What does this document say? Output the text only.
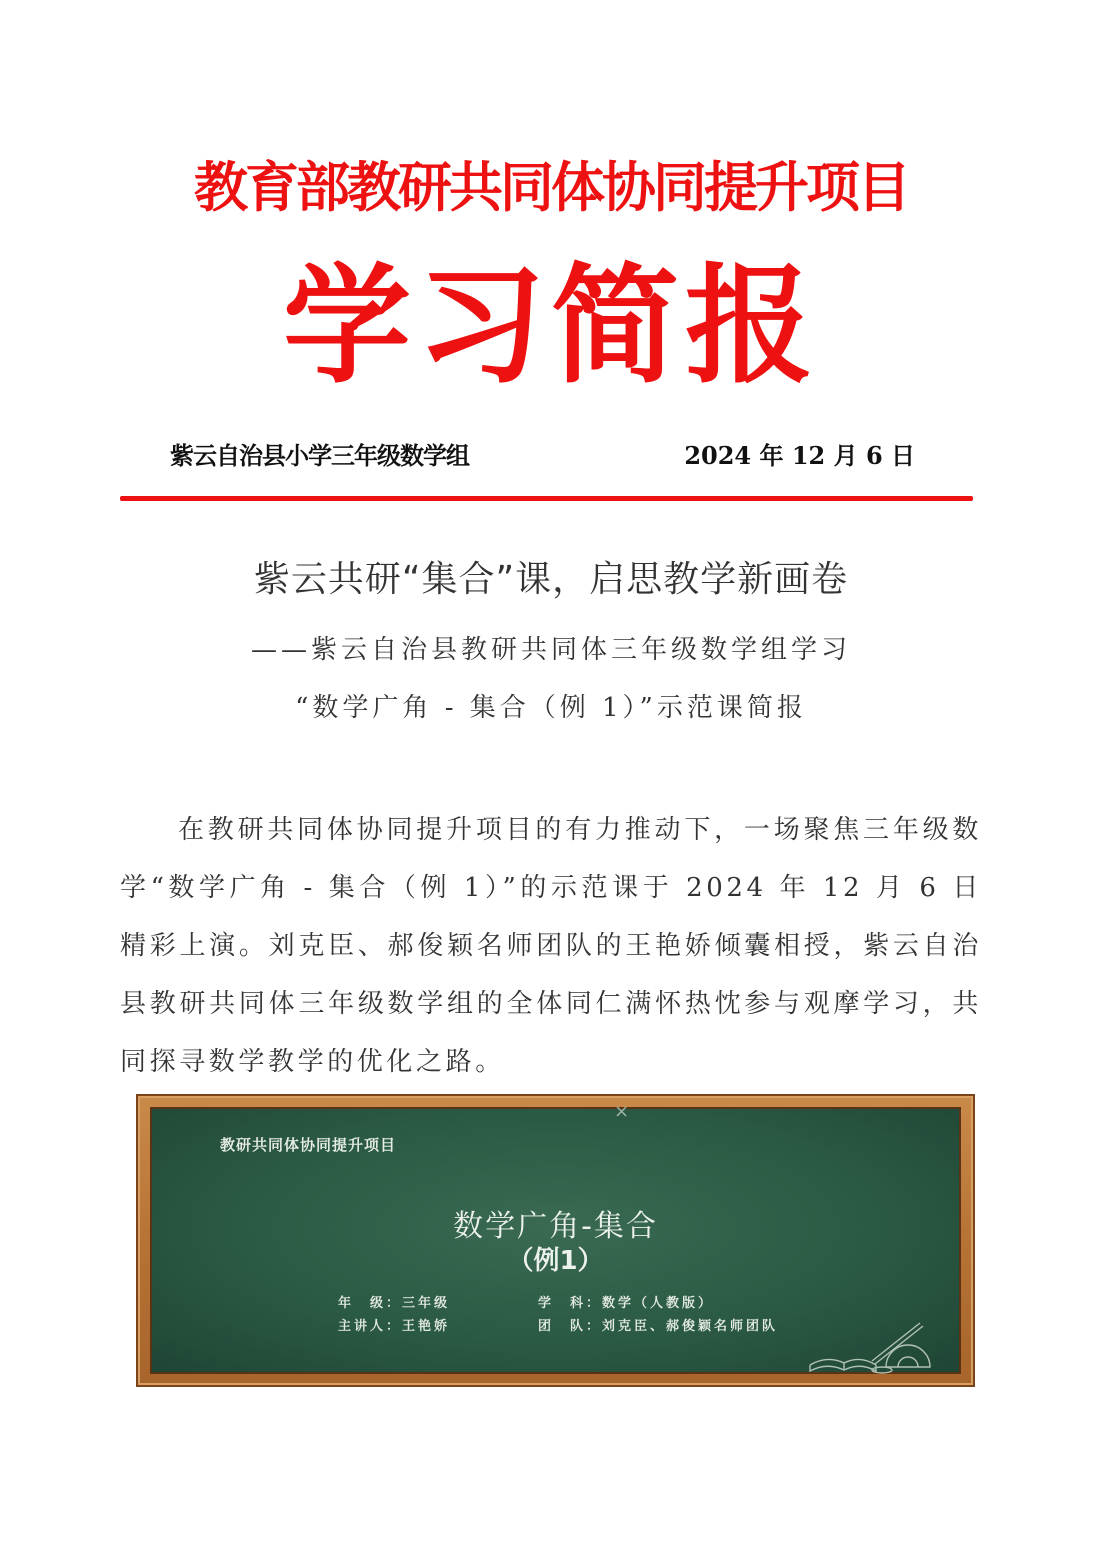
教育部教研共同体协同提升项目
学习简报
紫云自治县小学三年级数学组	2024 年 12 月 6 日
紫云共研“集合”课，启思教学新画卷
——紫云自治县教研共同体三年级数学组学习
“数学广角 - 集合（例 1）”示范课简报

在教研共同体协同提升项目的有力推动下，一场聚焦三年级数学“数学广角 - 集合（例 1）”的示范课于 2024 年 12 月 6 日精彩上演。刘克臣、郝俊颖名师团队的王艳娇倾囊相授，紫云自治县教研共同体三年级数学组的全体同仁满怀热忱参与观摩学习，共同探寻数学教学的优化之路。

×
教研共同体协同提升项目
数学广角-集合
（例1）
年　级：三年级	学　科：数学（人教版）
主讲人：王艳娇	团　队：刘克臣、郝俊颖名师团队
